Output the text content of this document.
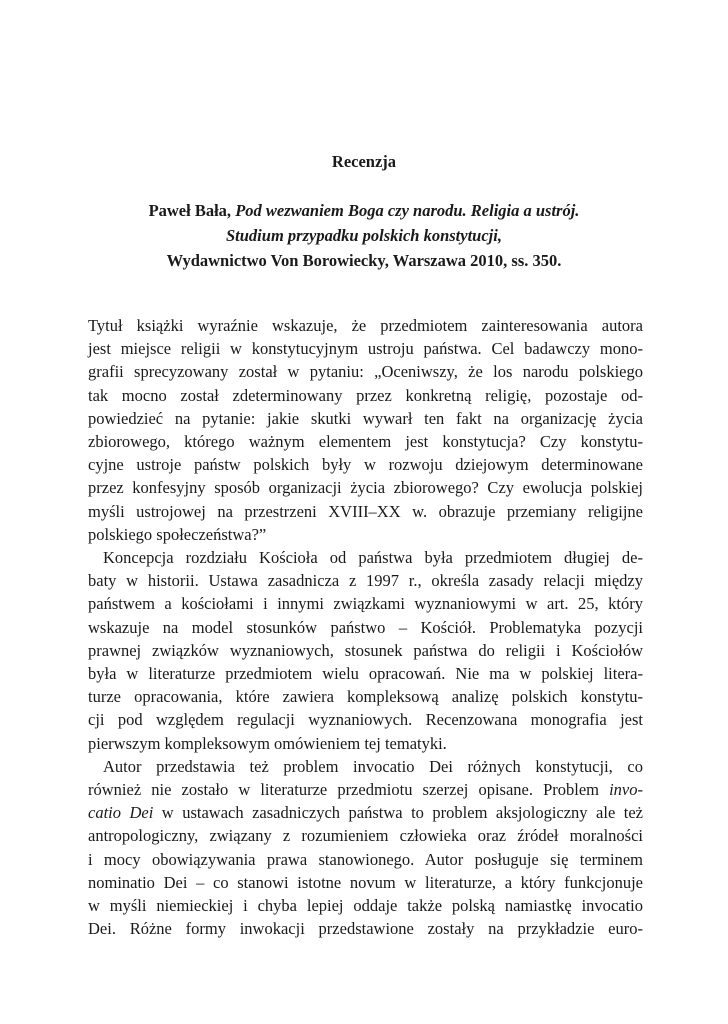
Recenzja
Paweł Bała, Pod wezwaniem Boga czy narodu. Religia a ustrój.
Studium przypadku polskich konstytucji,
Wydawnictwo Von Borowiecky, Warszawa 2010, ss. 350.

Tytuł książki wyraźnie wskazuje, że przedmiotem zainteresowania autora

jest miejsce religii w konstytucyjnym ustroju państwa. Cel badawczy mono-

grafii sprecyzowany został w pytaniu: „Oceniwszy, że los narodu polskiego

tak mocno został zdeterminowany przez konkretną religię, pozostaje od-

powiedzieć na pytanie: jakie skutki wywarł ten fakt na organizację życia

zbiorowego, którego ważnym elementem jest konstytucja? Czy konstytu-

cyjne ustroje państw polskich były w rozwoju dziejowym determinowane

przez konfesyjny sposób organizacji życia zbiorowego? Czy ewolucja polskiej

myśli ustrojowej na przestrzeni XVIII–XX w. obrazuje przemiany religijne

polskiego społeczeństwa?”

Koncepcja rozdziału Kościoła od państwa była przedmiotem długiej de-

baty w historii. Ustawa zasadnicza z 1997 r., określa zasady relacji między

państwem a kościołami i innymi związkami wyznaniowymi w art. 25, który

wskazuje na model stosunków państwo – Kościół. Problematyka pozycji

prawnej związków wyznaniowych, stosunek państwa do religii i Kościołów

była w literaturze przedmiotem wielu opracowań. Nie ma w polskiej litera-

turze opracowania, które zawiera kompleksową analizę polskich konstytu-

cji pod względem regulacji wyznaniowych. Recenzowana monografia jest

pierwszym kompleksowym omówieniem tej tematyki.

Autor przedstawia też problem invocatio Dei różnych konstytucji, co

również nie zostało w literaturze przedmiotu szerzej opisane. Problem invo-

catio Dei w ustawach zasadniczych państwa to problem aksjologiczny ale też

antropologiczny, związany z rozumieniem człowieka oraz źródeł moralności

i mocy obowiązywania prawa stanowionego. Autor posługuje się terminem

nominatio Dei – co stanowi istotne novum w literaturze, a który funkcjonuje

w myśli niemieckiej i chyba lepiej oddaje także polską namiastkę invocatio

Dei. Różne formy inwokacji przedstawione zostały na przykładzie euro-
